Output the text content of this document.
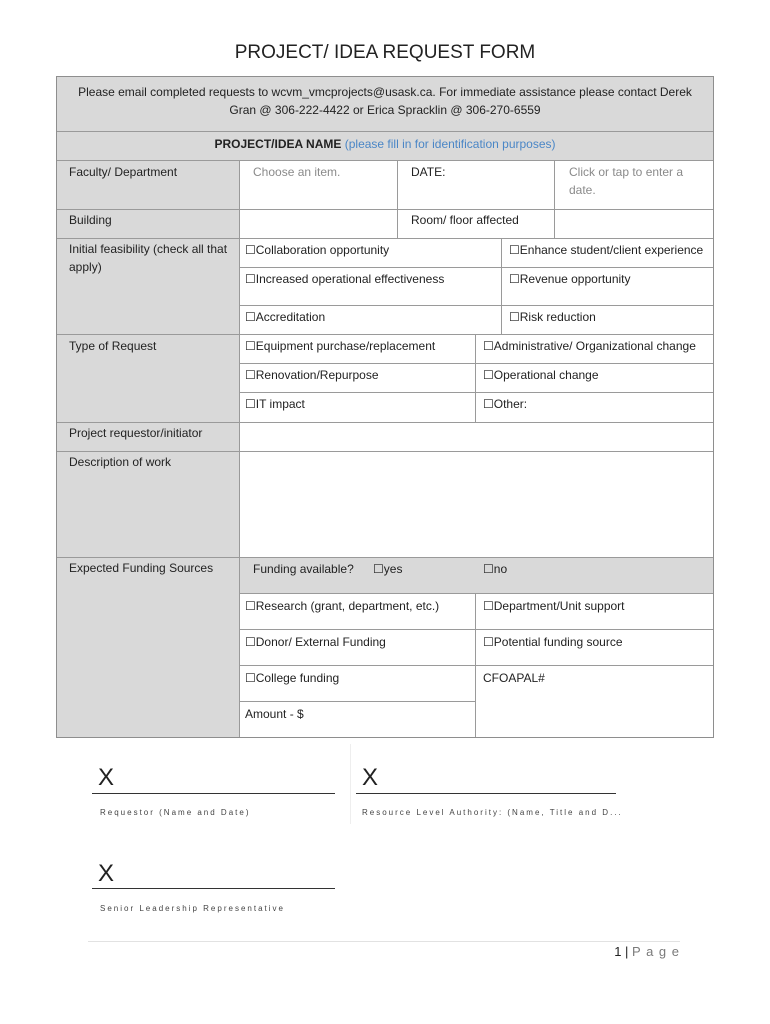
PROJECT/ IDEA REQUEST FORM
Please email completed requests to wcvm_vmcprojects@usask.ca. For immediate assistance please contact Derek
Gran @ 306-222-4422 or Erica Spracklin @ 306-270-6559
PROJECT/IDEA NAME (please fill in for identification purposes)
Faculty/ Department	Choose an item.	DATE:	Click or tap to enter a
date.
Building	Room/ floor affected
Initial feasibility (check all that
apply)
☐Collaboration opportunity	☐Enhance student/client experience
☐Increased operational effectiveness	☐Revenue opportunity
☐Accreditation	☐Risk reduction
Type of Request	☐Equipment purchase/replacement	☐Administrative/ Organizational change
☐Renovation/Repurpose	☐Operational change
☐IT impact	☐Other:
Project requestor/initiator
Description of work
Expected Funding Sources	Funding available? ☐yes	☐no
☐Research (grant, department, etc.)	☐Department/Unit support
☐Donor/ External Funding	☐Potential funding source
☐College funding	CFOAPAL#
Amount - $
X
Requestor (Name and Date)
X
Resource Level Authority: (Name, Title and D...
X
Senior Leadership Representative
1 | P a g e
